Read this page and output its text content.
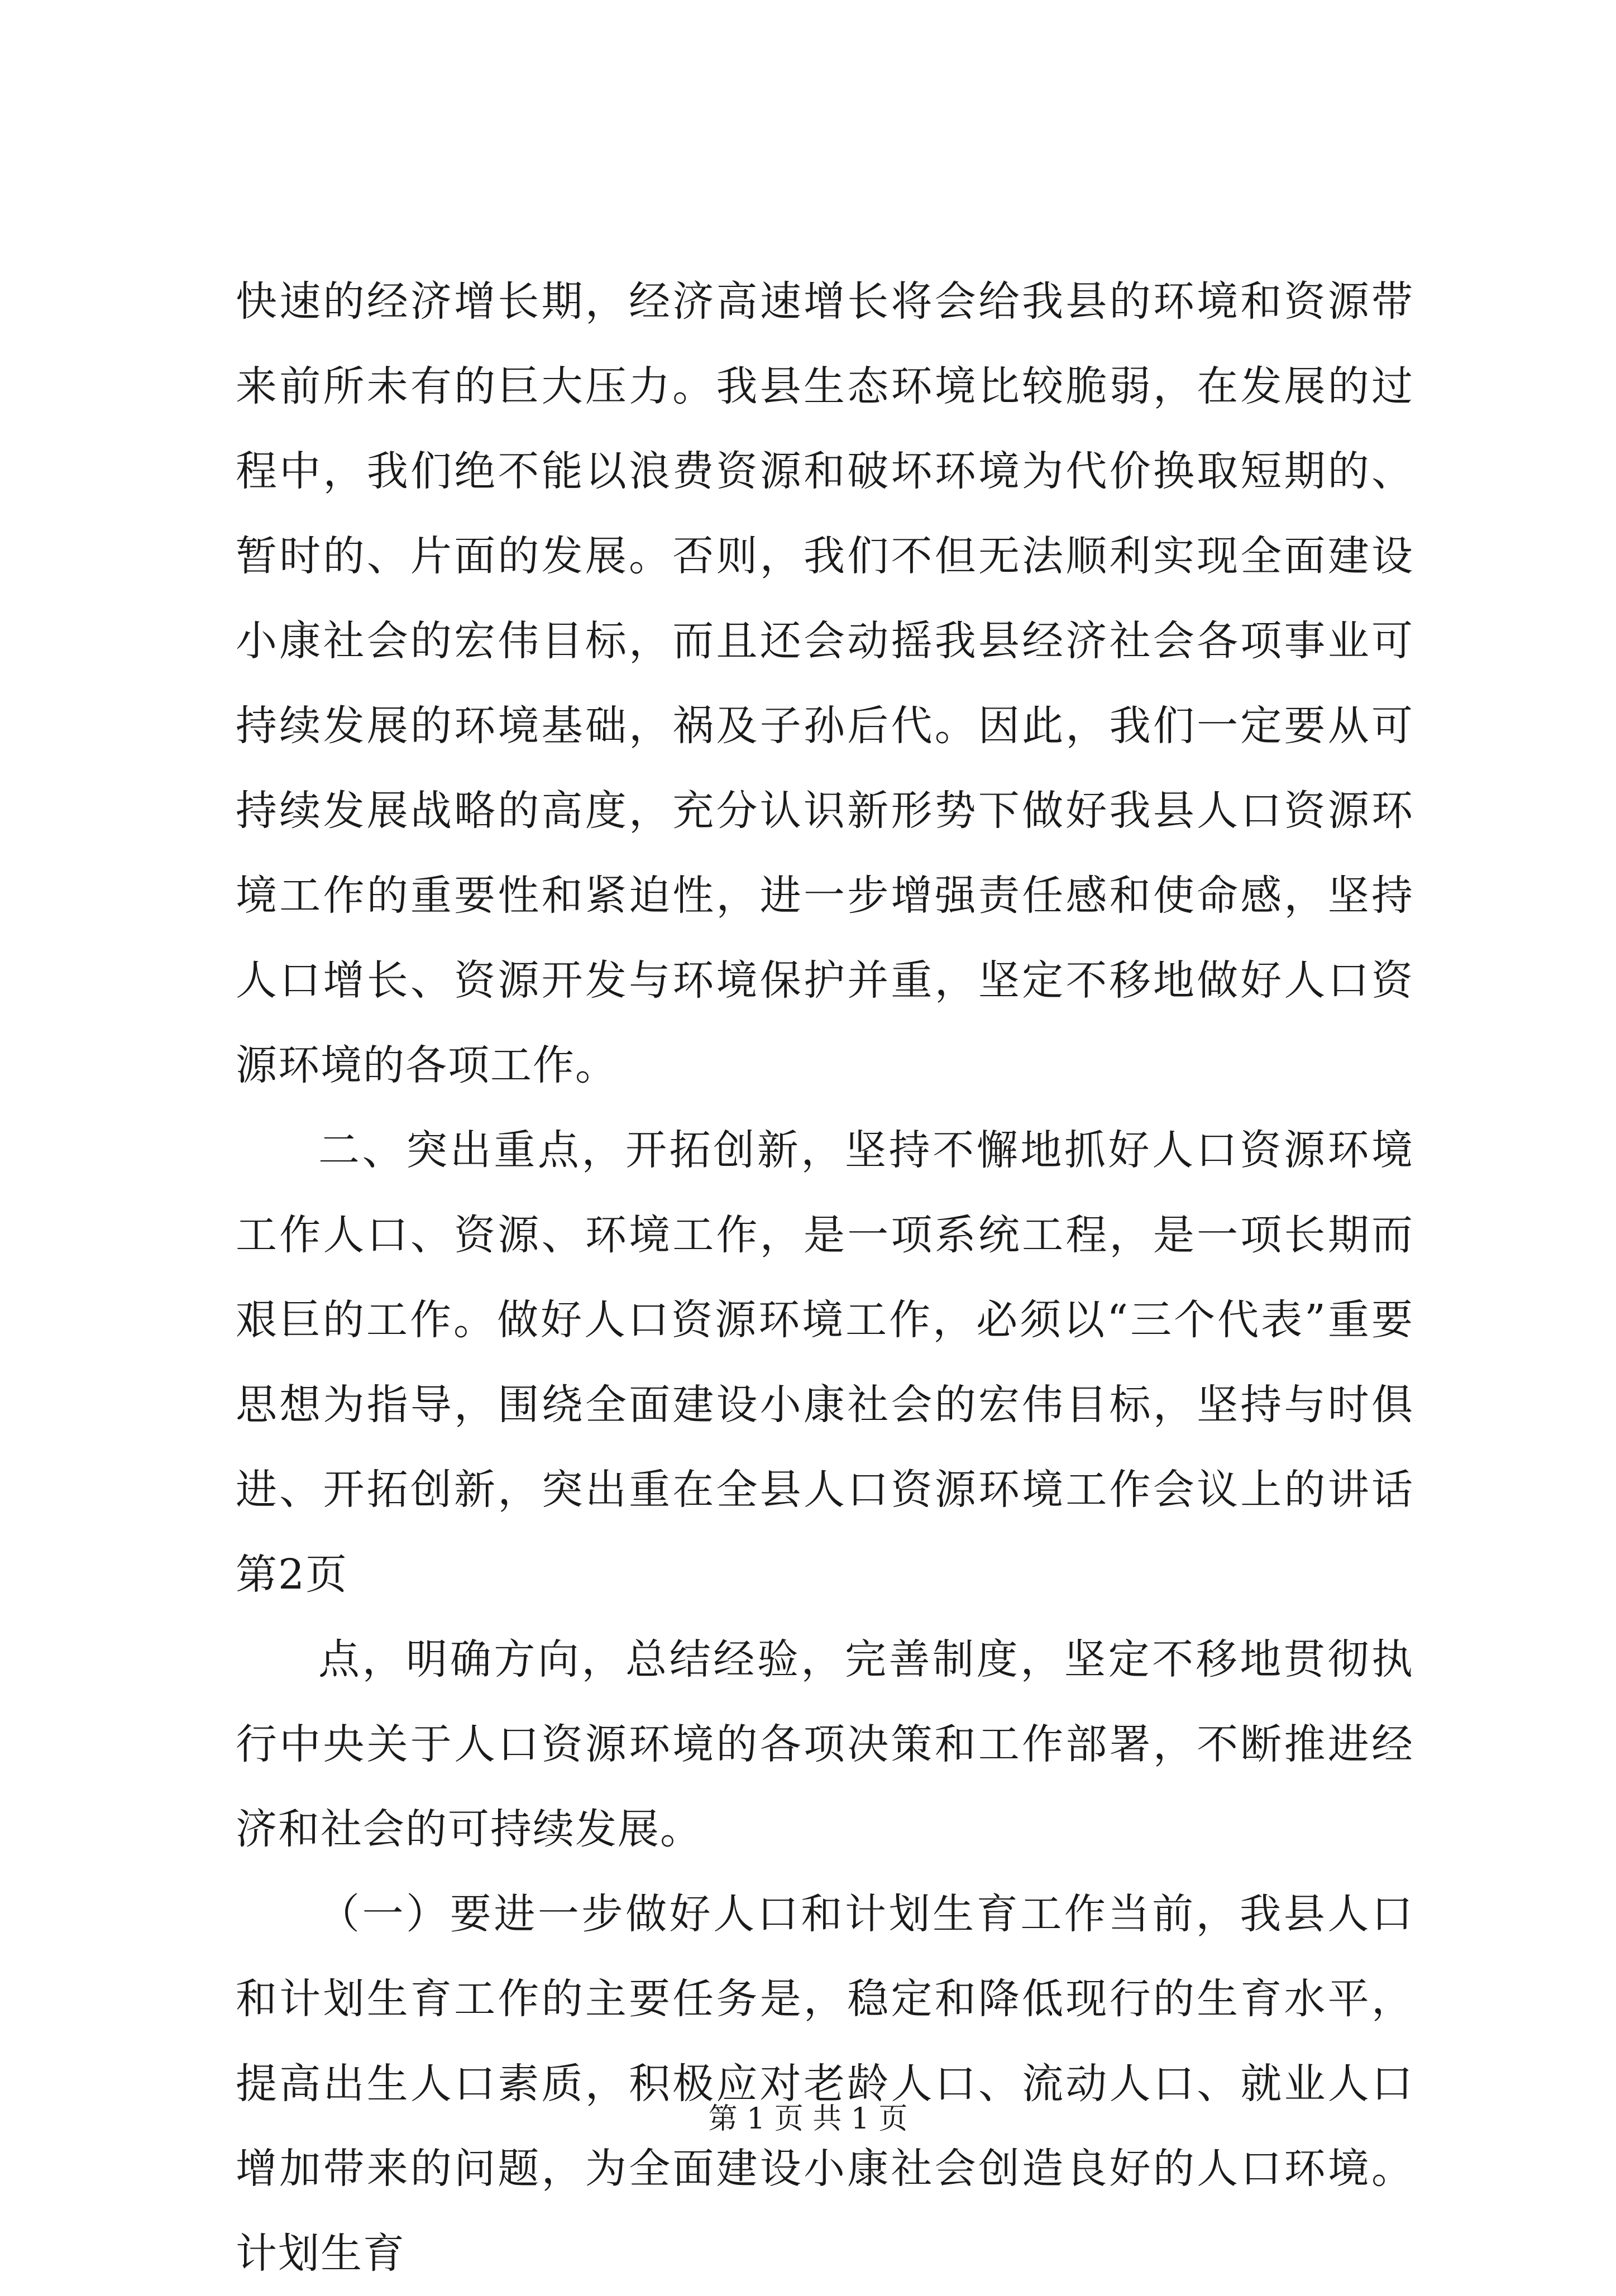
快速的经济增长期，经济高速增长将会给我县的环境和资源带来前所未有的巨大压力。我县生态环境比较脆弱，在发展的过程中，我们绝不能以浪费资源和破坏环境为代价换取短期的、暂时的、片面的发展。否则，我们不但无法顺利实现全面建设小康社会的宏伟目标，而且还会动摇我县经济社会各项事业可持续发展的环境基础，祸及子孙后代。因此，我们一定要从可持续发展战略的高度，充分认识新形势下做好我县人口资源环境工作的重要性和紧迫性，进一步增强责任感和使命感，坚持人口增长、资源开发与环境保护并重，坚定不移地做好人口资源环境的各项工作。

二、突出重点，开拓创新，坚持不懈地抓好人口资源环境工作人口、资源、环境工作，是一项系统工程，是一项长期而艰巨的工作。做好人口资源环境工作，必须以“三个代表”重要思想为指导，围绕全面建设小康社会的宏伟目标，坚持与时俱进、开拓创新，突出重在全县人口资源环境工作会议上的讲话第2页

点，明确方向，总结经验，完善制度，坚定不移地贯彻执行中央关于人口资源环境的各项决策和工作部署，不断推进经济和社会的可持续发展。

（一）要进一步做好人口和计划生育工作当前，我县人口和计划生育工作的主要任务是，稳定和降低现行的生育水平，提高出生人口素质，积极应对老龄人口、流动人口、就业人口增加带来的问题，为全面建设小康社会创造良好的人口环境。计划生育

第 1 页 共 1 页
